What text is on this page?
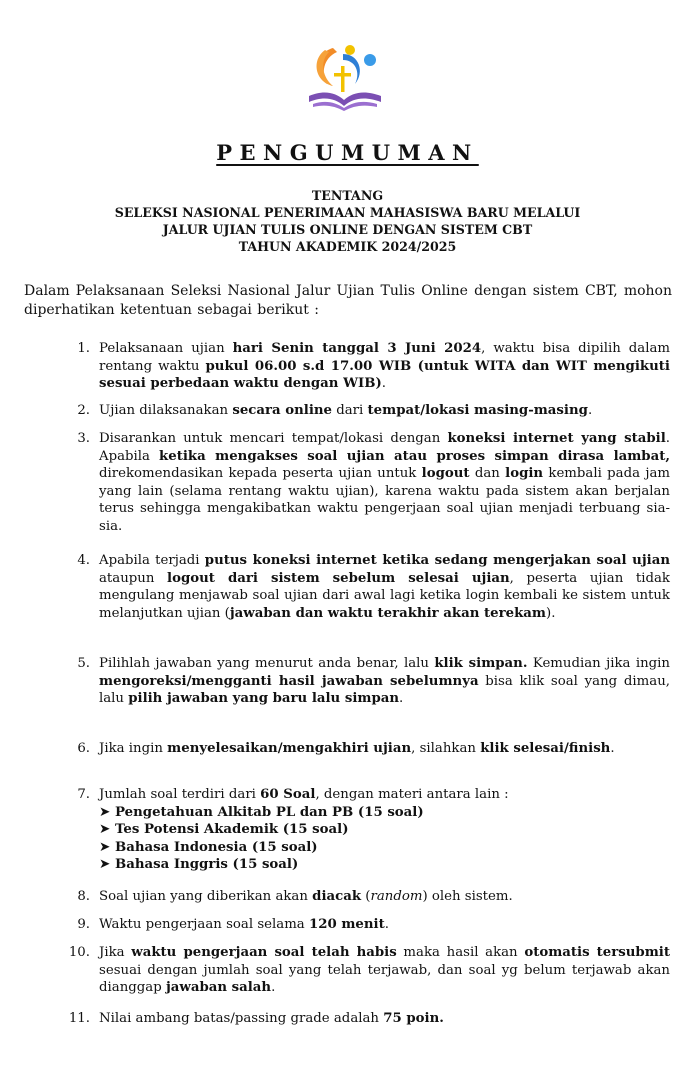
PENGUMUMAN
TENTANG
SELEKSI NASIONAL PENERIMAAN MAHASISWA BARU MELALUI
JALUR UJIAN TULIS ONLINE DENGAN SISTEM CBT
TAHUN AKADEMIK 2024/2025
Dalam Pelaksanaan Seleksi Nasional Jalur Ujian Tulis Online dengan sistem CBT, mohon diperhatikan ketentuan sebagai berikut :
1. Pelaksanaan ujian hari Senin tanggal 3 Juni 2024, waktu bisa dipilih dalam rentang waktu pukul 06.00 s.d 17.00 WIB (untuk WITA dan WIT mengikuti sesuai perbedaan waktu dengan WIB).
2. Ujian dilaksanakan secara online dari tempat/lokasi masing-masing.
3. Disarankan untuk mencari tempat/lokasi dengan koneksi internet yang stabil. Apabila ketika mengakses soal ujian atau proses simpan dirasa lambat, direkomendasikan kepada peserta ujian untuk logout dan login kembali pada jam yang lain (selama rentang waktu ujian), karena waktu pada sistem akan berjalan terus sehingga mengakibatkan waktu pengerjaan soal ujian menjadi terbuang sia-sia.
4. Apabila terjadi putus koneksi internet ketika sedang mengerjakan soal ujian ataupun logout dari sistem sebelum selesai ujian, peserta ujian tidak mengulang menjawab soal ujian dari awal lagi ketika login kembali ke sistem untuk melanjutkan ujian (jawaban dan waktu terakhir akan terekam).
5. Pilihlah jawaban yang menurut anda benar, lalu klik simpan. Kemudian jika ingin mengoreksi/mengganti hasil jawaban sebelumnya bisa klik soal yang dimau, lalu pilih jawaban yang baru lalu simpan.
6. Jika ingin menyelesaikan/mengakhiri ujian, silahkan klik selesai/finish.
7. Jumlah soal terdiri dari 60 Soal, dengan materi antara lain :
➤ Pengetahuan Alkitab PL dan PB (15 soal)
➤ Tes Potensi Akademik (15 soal)
➤ Bahasa Indonesia (15 soal)
➤ Bahasa Inggris (15 soal)
8. Soal ujian yang diberikan akan diacak (random) oleh sistem.
9. Waktu pengerjaan soal selama 120 menit.
10. Jika waktu pengerjaan soal telah habis maka hasil akan otomatis tersubmit sesuai dengan jumlah soal yang telah terjawab, dan soal yg belum terjawab akan dianggap jawaban salah.
11. Nilai ambang batas/passing grade adalah 75 poin.
